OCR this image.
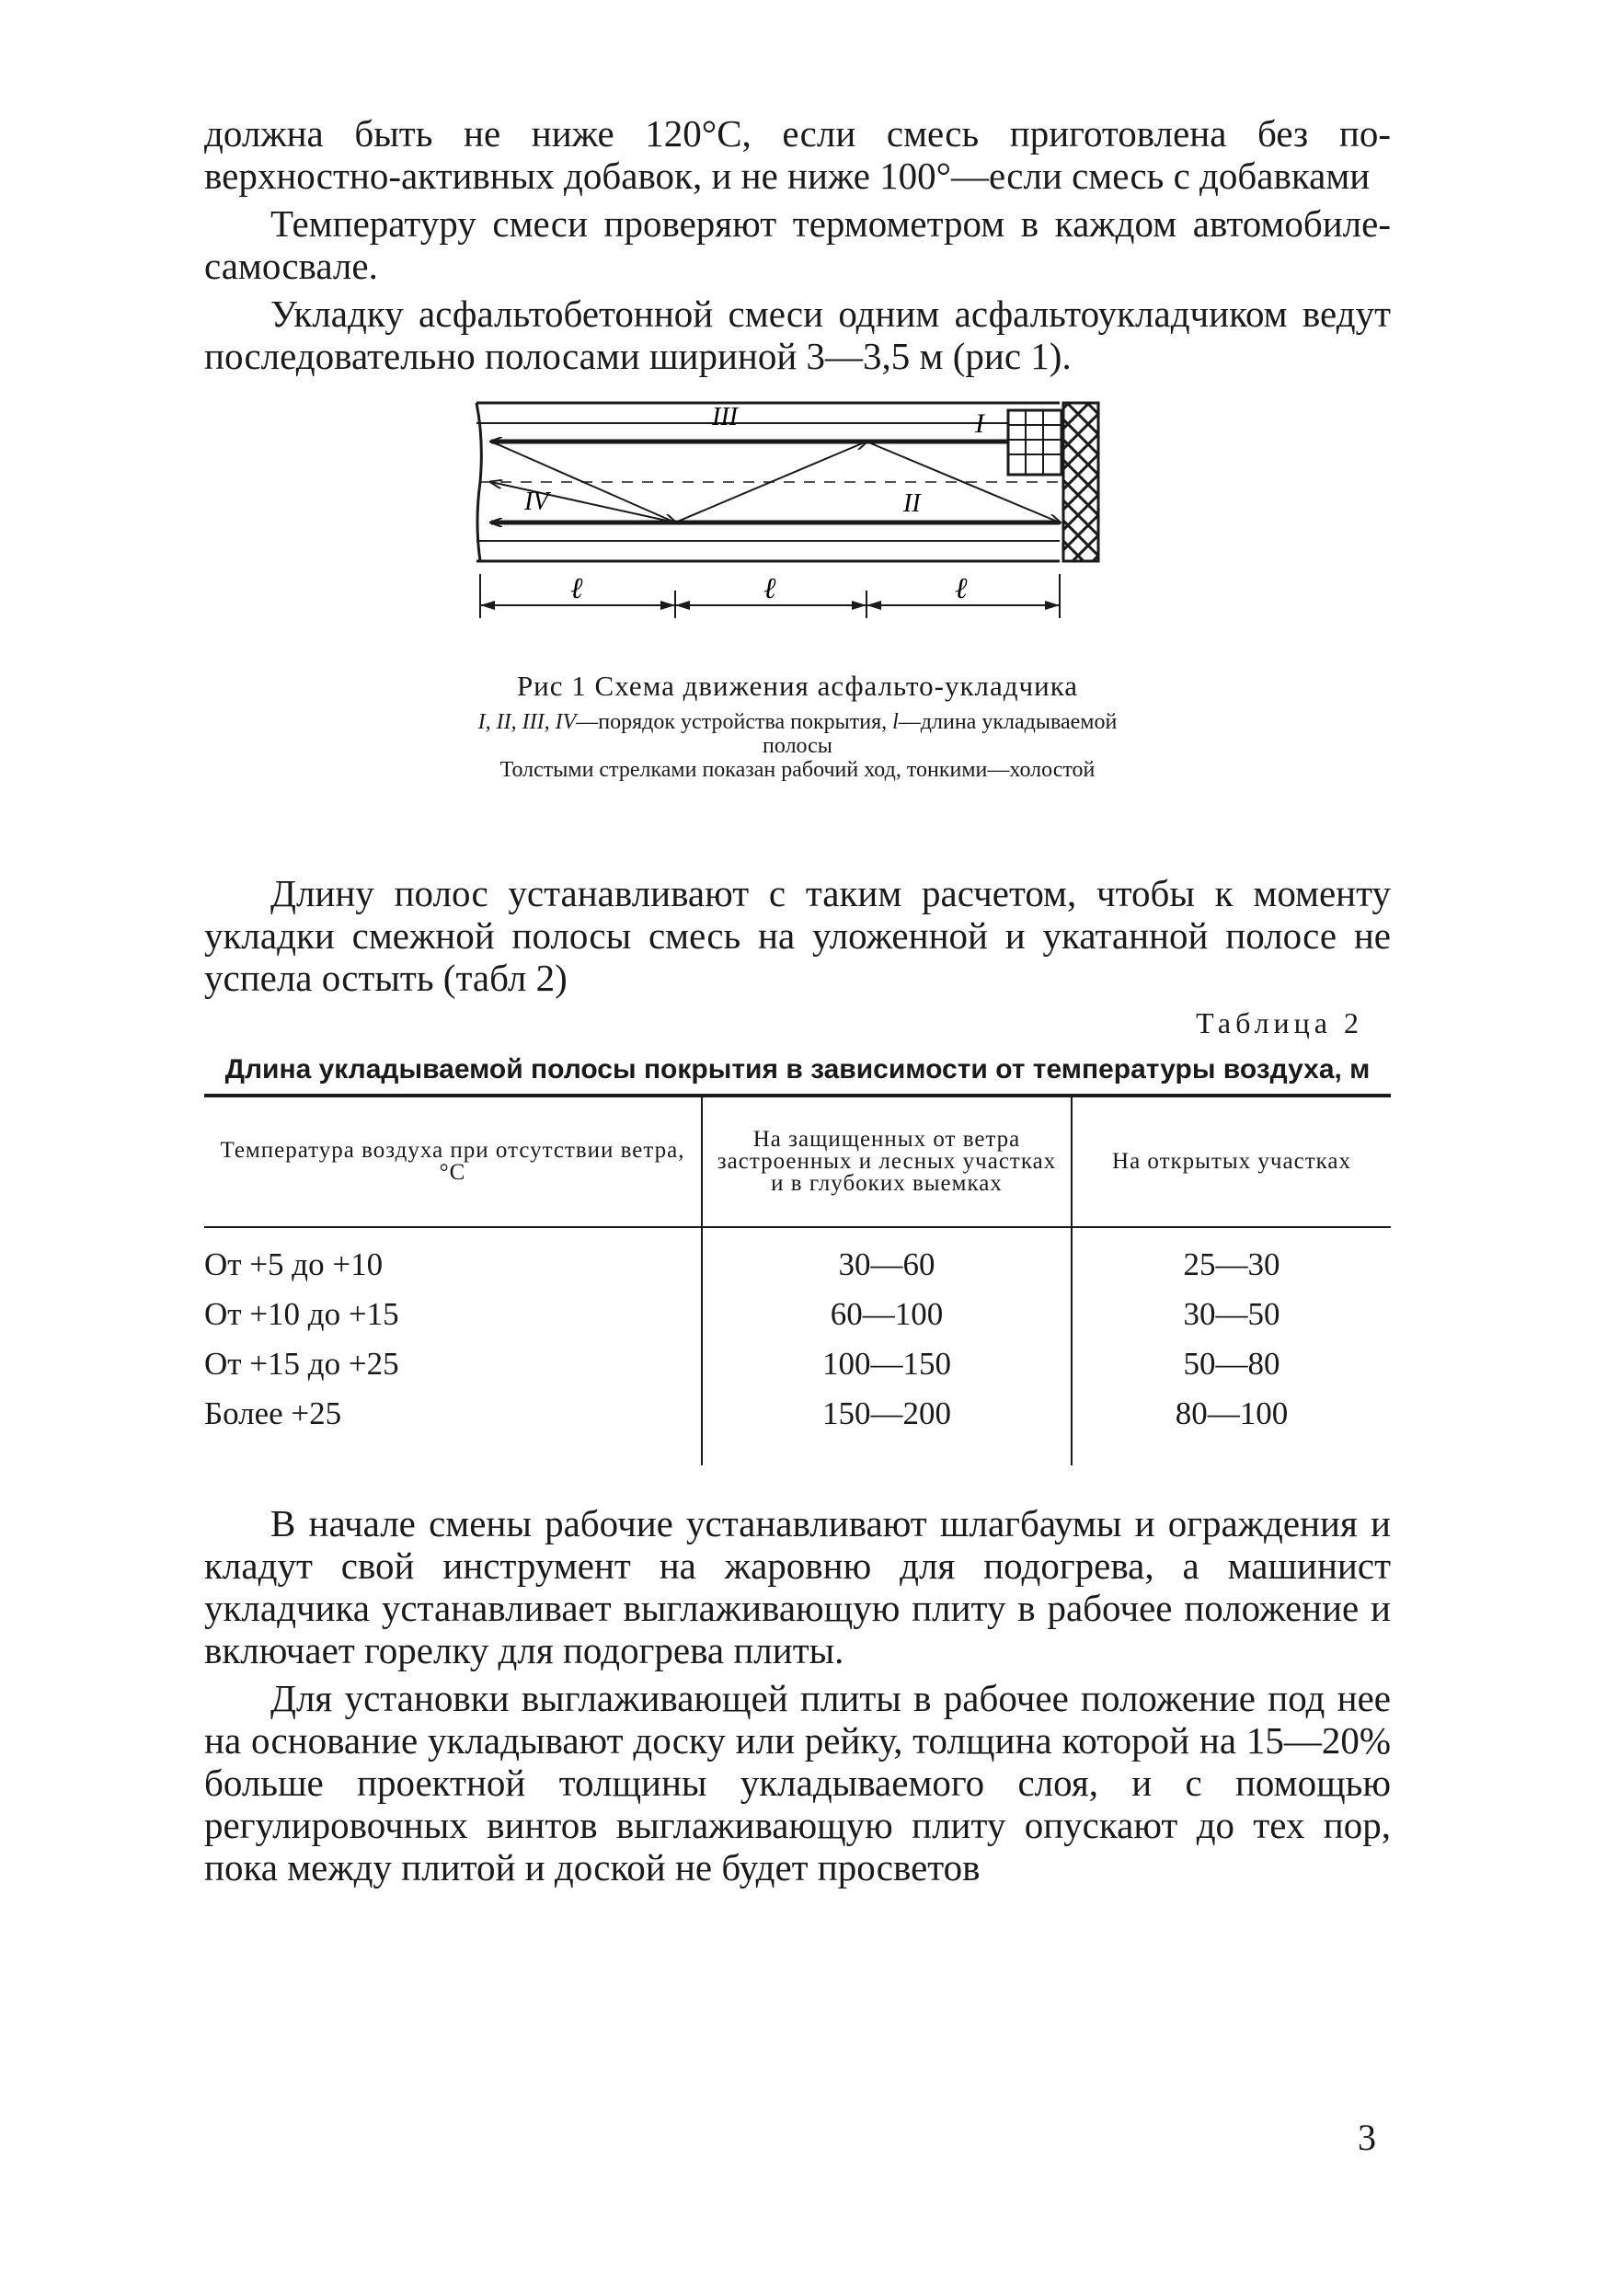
должна быть не ниже 120°С, если смесь приготовлена без по-верхностно-активных добавок, и не ниже 100°—если смесь с добавками

Температуру смеси проверяют термометром в каждом автомобиле-самосвале.

Укладку асфальтобетонной смеси одним асфальтоукладчиком ведут последовательно полосами шириной 3—3,5 м (рис 1).

III	I
II
IV
ℓ	ℓ	ℓ
Рис 1 Схема движения асфальто-укладчика
I, II, III, IV—порядок устройства покрытия, l—длина укладываемой полосы
Толстыми стрелками показан рабочий ход, тонкими—холостой

Длину полос устанавливают с таким расчетом, чтобы к моменту укладки смежной полосы смесь на уложенной и укатанной полосе не успела остыть (табл 2)

Таблица 2
Длина укладываемой полосы покрытия в зависимости от температуры воздуха, м
Температура воздуха при отсутствии ветра, °С	На защищенных от ветра застроенных и лесных участках и в глубоких выемках	На открытых участках
От +5 до +10	30—60	25—30
От +10 до +15	60—100	30—50
От +15 до +25	100—150	50—80
Более +25	150—200	80—100

В начале смены рабочие устанавливают шлагбаумы и ограждения и кладут свой инструмент на жаровню для подогрева, а машинист укладчика устанавливает выглаживающую плиту в рабочее положение и включает горелку для подогрева плиты.

Для установки выглаживающей плиты в рабочее положение под нее на основание укладывают доску или рейку, толщина которой на 15—20% больше проектной толщины укладываемого слоя, и с помощью регулировочных винтов выглаживающую плиту опускают до тех пор, пока между плитой и доской не будет просветов

3
